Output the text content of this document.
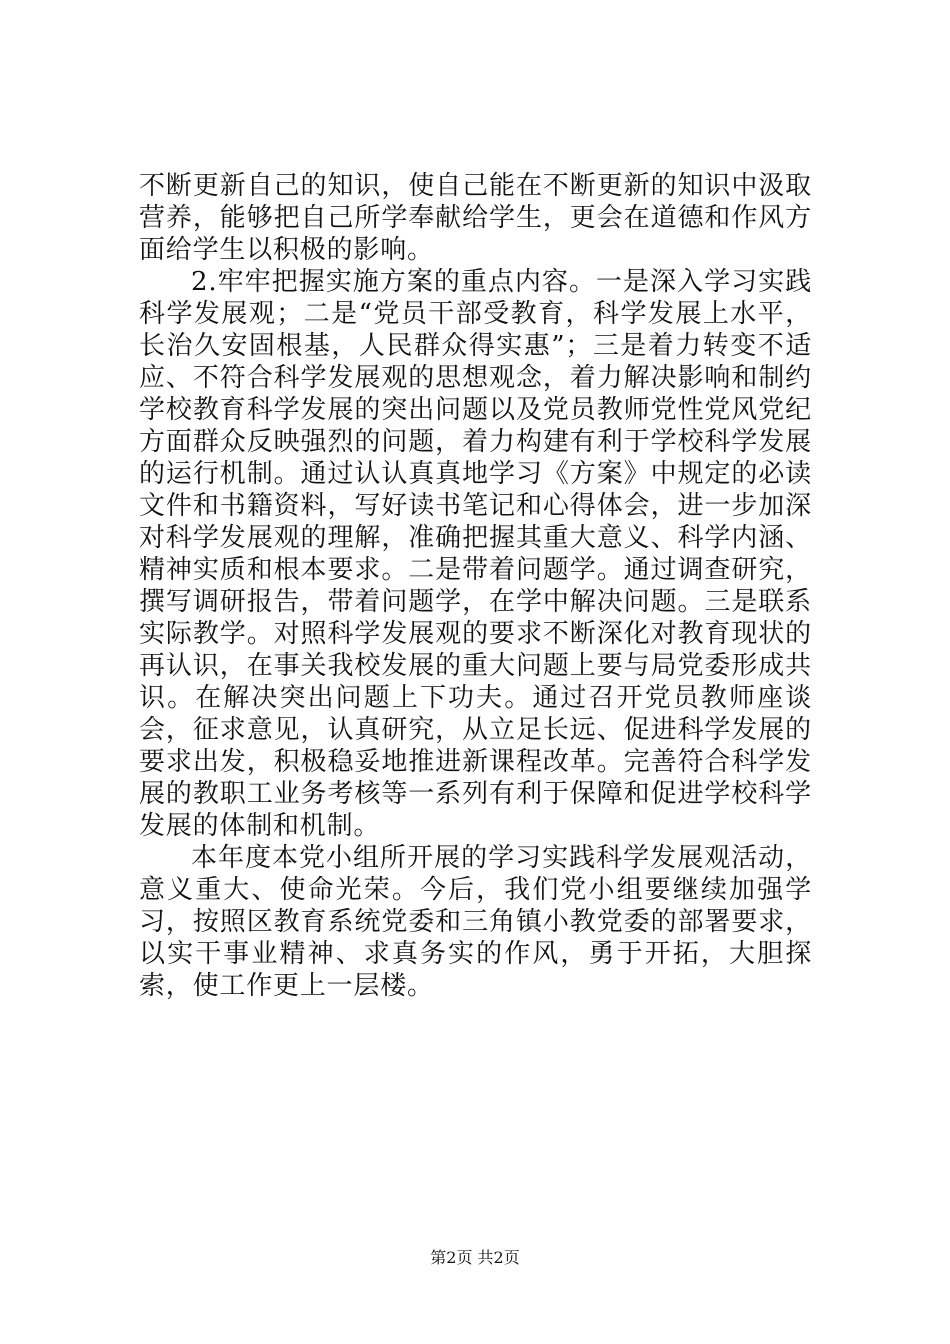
不断更新自己的知识，使自己能在不断更新的知识中汲取营养，能够把自己所学奉献给学生，更会在道德和作风方面给学生以积极的影响。

2.牢牢把握实施方案的重点内容。一是深入学习实践科学发展观；二是“党员干部受教育，科学发展上水平，长治久安固根基，人民群众得实惠”；三是着力转变不适应、不符合科学发展观的思想观念，着力解决影响和制约学校教育科学发展的突出问题以及党员教师党性党风党纪方面群众反映强烈的问题，着力构建有利于学校科学发展的运行机制。通过认认真真地学习《方案》中规定的必读文件和书籍资料，写好读书笔记和心得体会，进一步加深对科学发展观的理解，准确把握其重大意义、科学内涵、精神实质和根本要求。二是带着问题学。通过调查研究，撰写调研报告，带着问题学，在学中解决问题。三是联系实际教学。对照科学发展观的要求不断深化对教育现状的再认识，在事关我校发展的重大问题上要与局党委形成共识。在解决突出问题上下功夫。通过召开党员教师座谈会，征求意见，认真研究，从立足长远、促进科学发展的要求出发，积极稳妥地推进新课程改革。完善符合科学发展的教职工业务考核等一系列有利于保障和促进学校科学发展的体制和机制。

本年度本党小组所开展的学习实践科学发展观活动，意义重大、使命光荣。今后，我们党小组要继续加强学习，按照区教育系统党委和三角镇小教党委的部署要求，以实干事业精神、求真务实的作风，勇于开拓，大胆探索，使工作更上一层楼。

第2页 共2页
